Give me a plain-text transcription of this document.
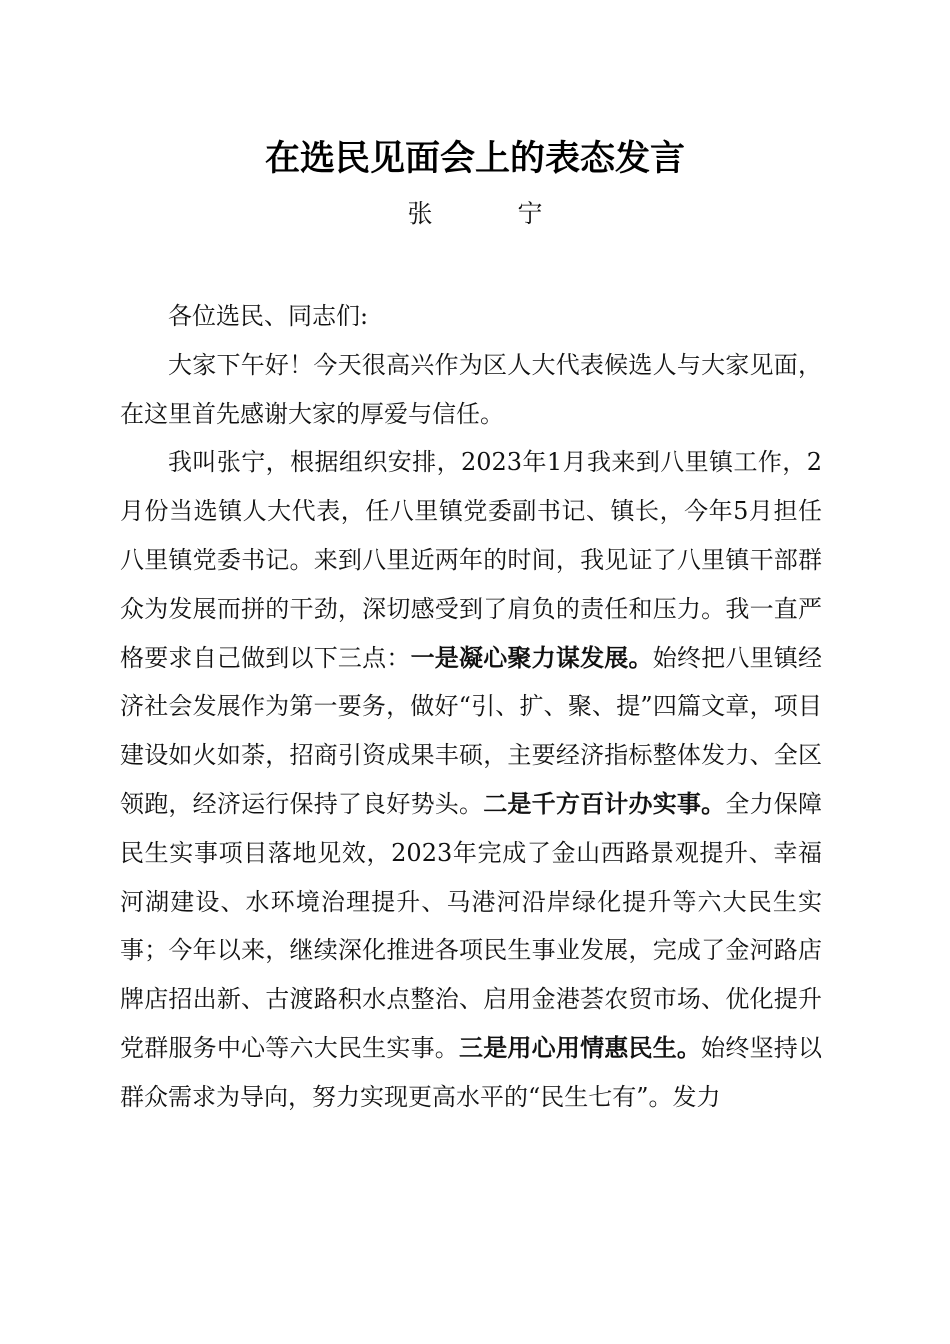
在选民见面会上的表态发言
张　宁

各位选民、同志们:

大家下午好！今天很高兴作为区人大代表候选人与大家见面，在这里首先感谢大家的厚爱与信任。

我叫张宁，根据组织安排，2023年1月我来到八里镇工作，2月份当选镇人大代表，任八里镇党委副书记、镇长，今年5月担任八里镇党委书记。来到八里近两年的时间，我见证了八里镇干部群众为发展而拼的干劲，深切感受到了肩负的责任和压力。我一直严格要求自己做到以下三点：一是凝心聚力谋发展。始终把八里镇经济社会发展作为第一要务，做好“引、扩、聚、提”四篇文章，项目建设如火如荼，招商引资成果丰硕，主要经济指标整体发力、全区领跑，经济运行保持了良好势头。二是千方百计办实事。全力保障民生实事项目落地见效，2023年完成了金山西路景观提升、幸福河湖建设、水环境治理提升、马港河沿岸绿化提升等六大民生实事；今年以来，继续深化推进各项民生事业发展，完成了金河路店牌店招出新、古渡路积水点整治、启用金港荟农贸市场、优化提升党群服务中心等六大民生实事。三是用心用情惠民生。始终坚持以群众需求为导向，努力实现更高水平的“民生七有”。发力
